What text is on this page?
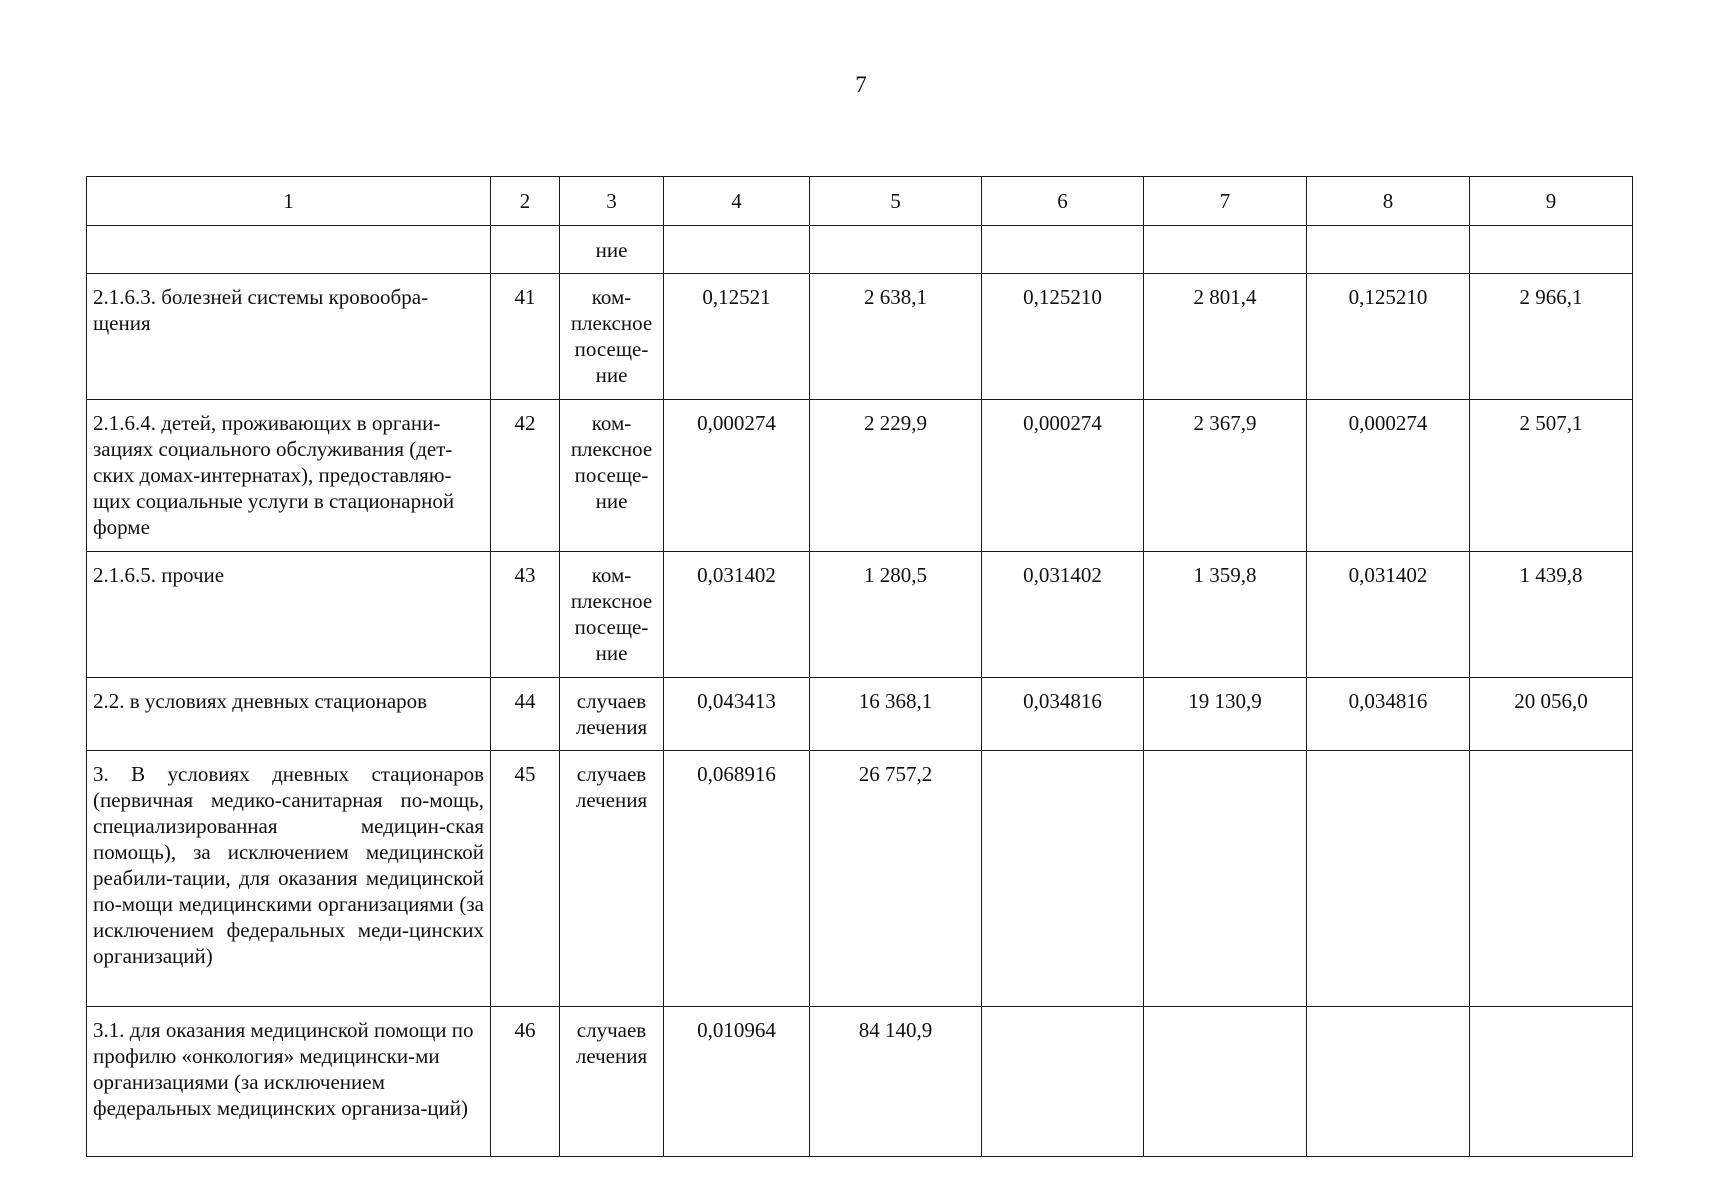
7
1	2	3	4	5	6	7	8	9
		ние						
2.1.6.3. болезней системы кровообра-щения	41	ком-плексное посеще-ние	0,12521	2 638,1	0,125210	2 801,4	0,125210	2 966,1
2.1.6.4. детей, проживающих в органи-зациях социального обслуживания (дет-ских домах-интернатах), предоставляю-щих социальные услуги в стационарной форме	42	ком-плексное посеще-ние	0,000274	2 229,9	0,000274	2 367,9	0,000274	2 507,1
2.1.6.5. прочие	43	ком-плексное посеще-ние	0,031402	1 280,5	0,031402	1 359,8	0,031402	1 439,8
2.2. в условиях дневных стационаров	44	случаев лечения	0,043413	16 368,1	0,034816	19 130,9	0,034816	20 056,0
3. В условиях дневных стационаров (первичная медико-санитарная по-мощь, специализированная медицин-ская помощь), за исключением медицинской реабили-тации, для оказания медицинской по-мощи медицинскими организациями (за исключением федеральных меди-цинских организаций)	45	случаев лечения	0,068916	26 757,2				
3.1. для оказания медицинской помощи по профилю «онкология» медицински-ми организациями (за исключением федеральных медицинских организа-ций)	46	случаев лечения	0,010964	84 140,9				
